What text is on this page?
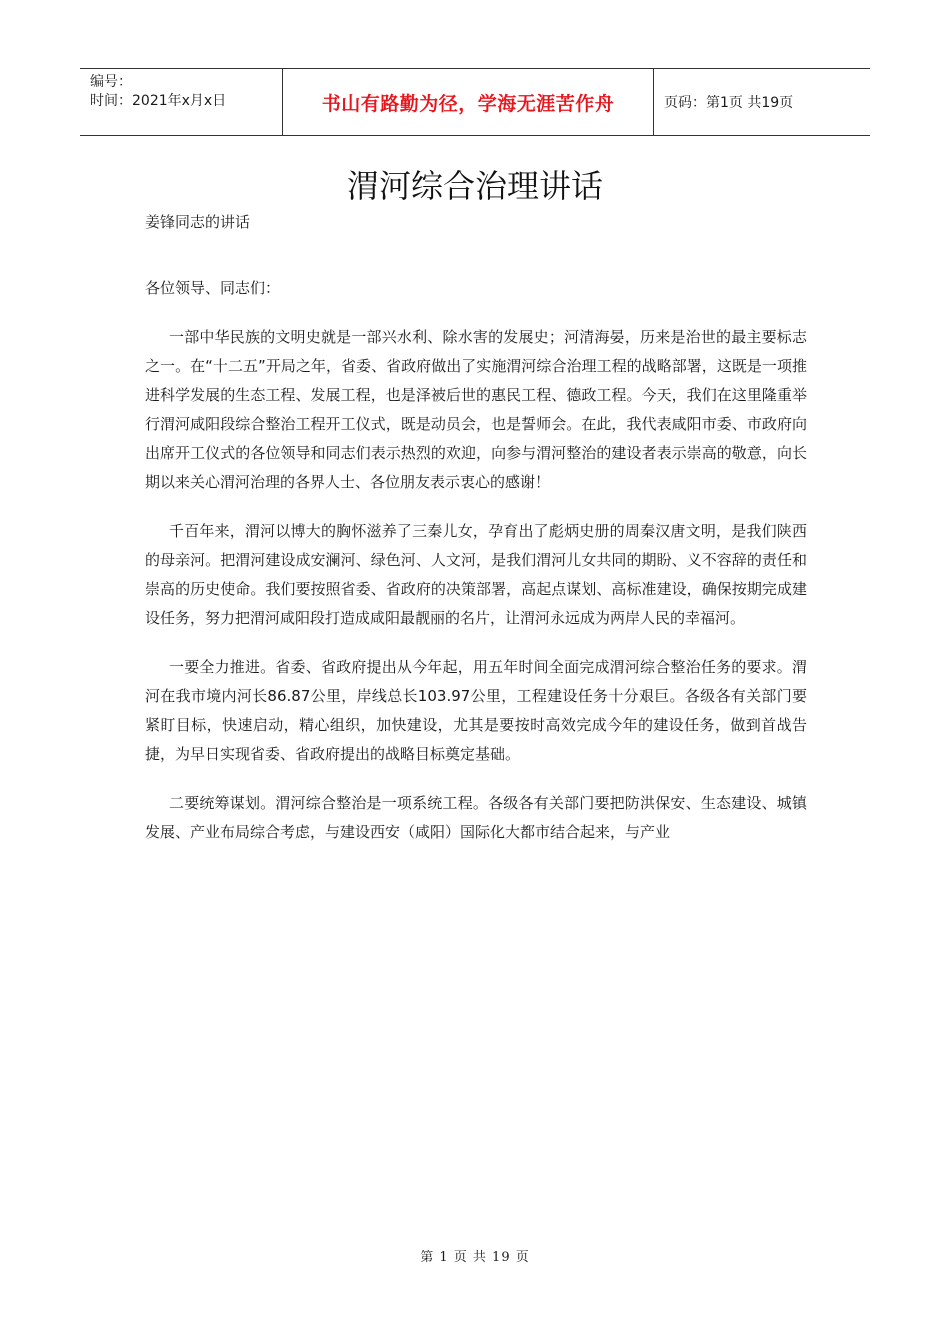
编号：
时间：2021年x月x日	书山有路勤为径，学海无涯苦作舟	页码：第1页 共19页
渭河综合治理讲话
姜锋同志的讲话

各位领导、同志们：

一部中华民族的文明史就是一部兴水利、除水害的发展史；河清海晏，历来是治世的最主要标志之一。在“十二五”开局之年，省委、省政府做出了实施渭河综合治理工程的战略部署，这既是一项推进科学发展的生态工程、发展工程，也是泽被后世的惠民工程、德政工程。今天，我们在这里隆重举行渭河咸阳段综合整治工程开工仪式，既是动员会，也是誓师会。在此，我代表咸阳市委、市政府向出席开工仪式的各位领导和同志们表示热烈的欢迎，向参与渭河整治的建设者表示崇高的敬意，向长期以来关心渭河治理的各界人士、各位朋友表示衷心的感谢！

千百年来，渭河以博大的胸怀滋养了三秦儿女，孕育出了彪炳史册的周秦汉唐文明，是我们陕西的母亲河。把渭河建设成安澜河、绿色河、人文河，是我们渭河儿女共同的期盼、义不容辞的责任和崇高的历史使命。我们要按照省委、省政府的决策部署，高起点谋划、高标准建设，确保按期完成建设任务，努力把渭河咸阳段打造成咸阳最靓丽的名片，让渭河永远成为两岸人民的幸福河。

一要全力推进。省委、省政府提出从今年起，用五年时间全面完成渭河综合整治任务的要求。渭河在我市境内河长86.87公里，岸线总长103.97公里，工程建设任务十分艰巨。各级各有关部门要紧盯目标，快速启动，精心组织，加快建设，尤其是要按时高效完成今年的建设任务，做到首战告捷，为早日实现省委、省政府提出的战略目标奠定基础。

二要统筹谋划。渭河综合整治是一项系统工程。各级各有关部门要把防洪保安、生态建设、城镇发展、产业布局综合考虑，与建设西安（咸阳）国际化大都市结合起来，与产业

第 1 页 共 19 页
